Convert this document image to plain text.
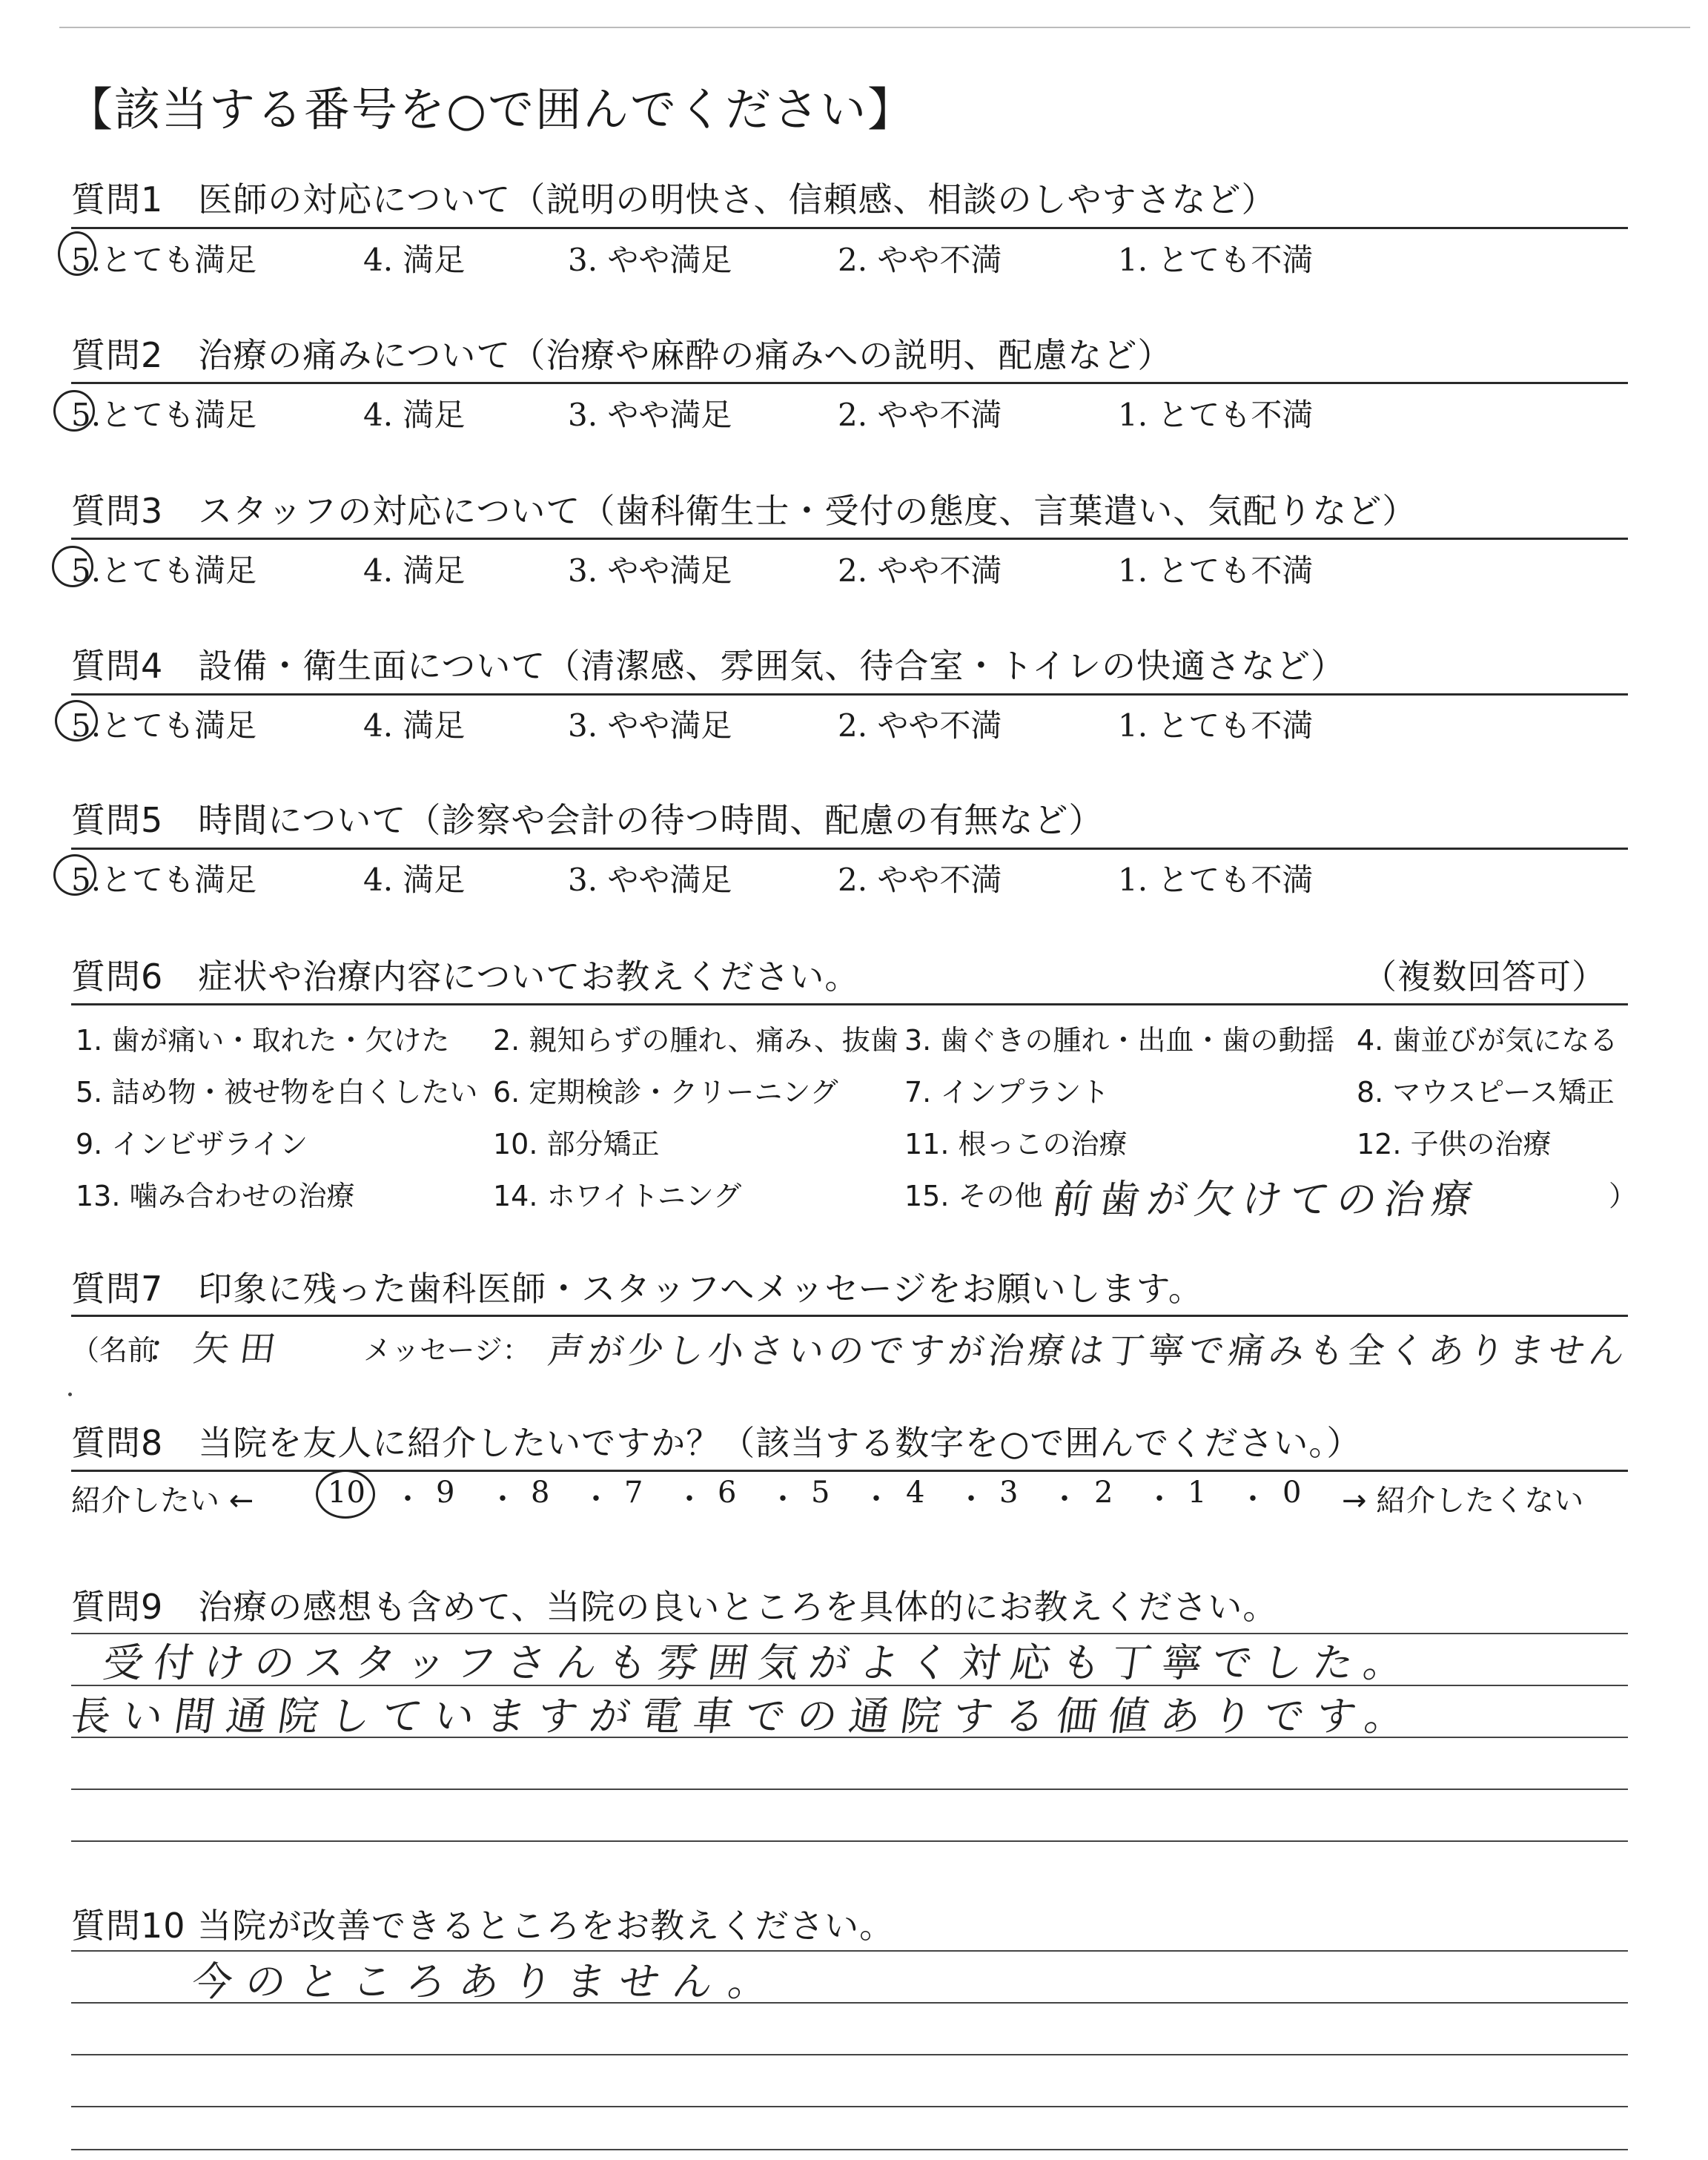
【該当する番号を○で囲んでください】
質問1　医師の対応について（説明の明快さ、信頼感、相談のしやすさなど）
5.とても満足	4. 満足	3. やや満足	2. やや不満	1. とても不満
質問2　治療の痛みについて（治療や麻酔の痛みへの説明、配慮など）
5.とても満足	4. 満足	3. やや満足	2. やや不満	1. とても不満
質問3　スタッフの対応について（歯科衛生士・受付の態度、言葉遣い、気配りなど）
5.とても満足	4. 満足	3. やや満足	2. やや不満	1. とても不満
質問4　設備・衛生面について（清潔感、雰囲気、待合室・トイレの快適さなど）
5.とても満足	4. 満足	3. やや満足	2. やや不満	1. とても不満
質問5　時間について（診察や会計の待つ時間、配慮の有無など）
5.とても満足	4. 満足	3. やや満足	2. やや不満	1. とても不満
質問6　症状や治療内容についてお教えください。	（複数回答可）
1. 歯が痛い・取れた・欠けた 2. 親知らずの腫れ、痛み、抜歯 3. 歯ぐきの腫れ・出血・歯の動揺 4. 歯並びが気になる
5. 詰め物・被せ物を白くしたい 6. 定期検診・クリーニング 7. インプラント	8. マウスピース矯正
9. インビザライン	10. 部分矯正	11. 根っこの治療	12. 子供の治療
13. 噛み合わせの治療	14. ホワイトニング	15. その他（	）
前歯が欠けての治療
質問7　印象に残った歯科医師・スタッフへメッセージをお願いします。
（名前
：矢田	メッセージ： 声が少し小さいのですが治療は丁寧で痛みも全くありません
質問8　当院を友人に紹介したいですか？（該当する数字を○で囲んでください。）
紹介したい ←	→ 紹介したくない
10 ・ 9 ・ 8 ・ 7 ・ 6 ・ 5 ・ 4 ・ 3 ・ 2 ・ 1 ・ 0
質問9　治療の感想も含めて、当院の良いところを具体的にお教えください。
受付けのスタッフさんも雰囲気がよく対応も丁寧でした。
長い間通院していますが電車での通院する価値ありです。
質問10 当院が改善できるところをお教えください。
今のところありません。
